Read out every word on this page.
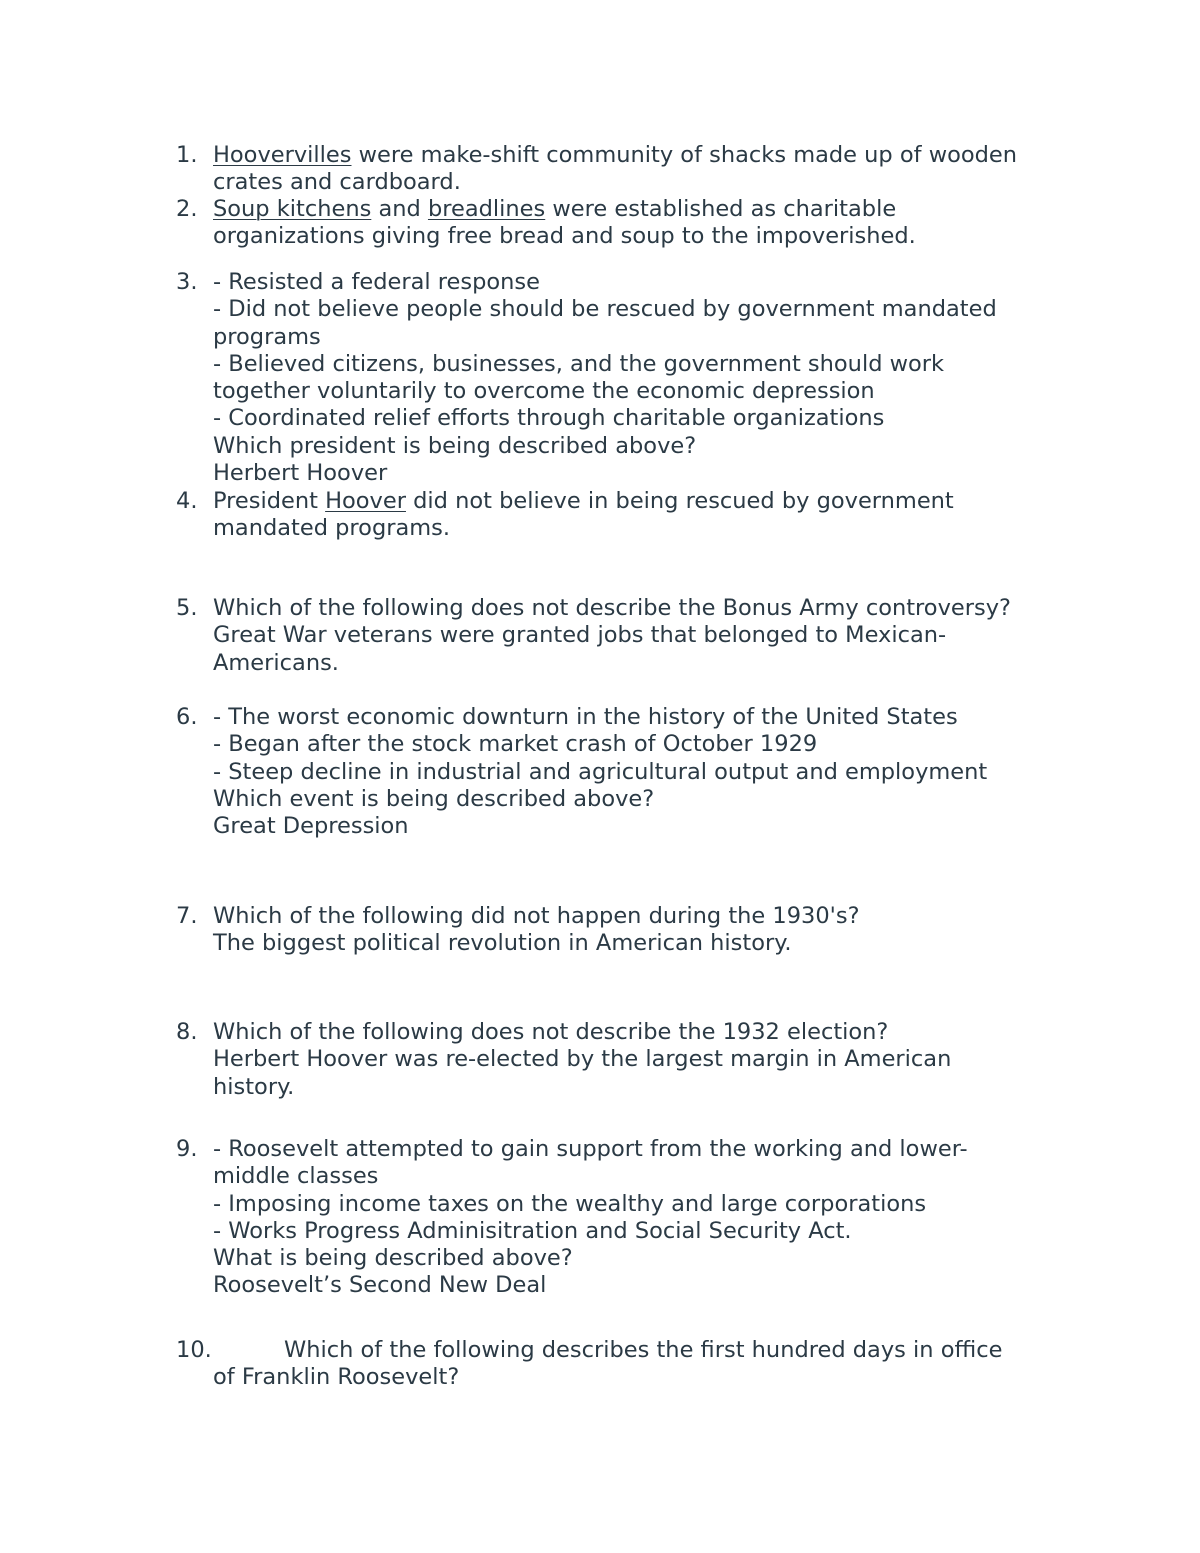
1. Hoovervilles were make-shift community of shacks made up of wooden
crates and cardboard.
2. Soup kitchens and breadlines were established as charitable
organizations giving free bread and soup to the impoverished.
3. - Resisted a federal response
- Did not believe people should be rescued by government mandated
programs
- Believed citizens, businesses, and the government should work
together voluntarily to overcome the economic depression
- Coordinated relief efforts through charitable organizations
Which president is being described above?
Herbert Hoover
4. President Hoover did not believe in being rescued by government
mandated programs.
5. Which of the following does not describe the Bonus Army controversy?
Great War veterans were granted jobs that belonged to Mexican-
Americans.
6. - The worst economic downturn in the history of the United States
- Began after the stock market crash of October 1929
- Steep decline in industrial and agricultural output and employment
Which event is being described above?
Great Depression
7. Which of the following did not happen during the 1930's?
The biggest political revolution in American history.
8. Which of the following does not describe the 1932 election?
Herbert Hoover was re-elected by the largest margin in American
history.
9. - Roosevelt attempted to gain support from the working and lower-
middle classes
- Imposing income taxes on the wealthy and large corporations
- Works Progress Adminisitration and Social Security Act.
What is being described above?
Roosevelt’s Second New Deal
10.	Which of the following describes the first hundred days in office
of Franklin Roosevelt?
